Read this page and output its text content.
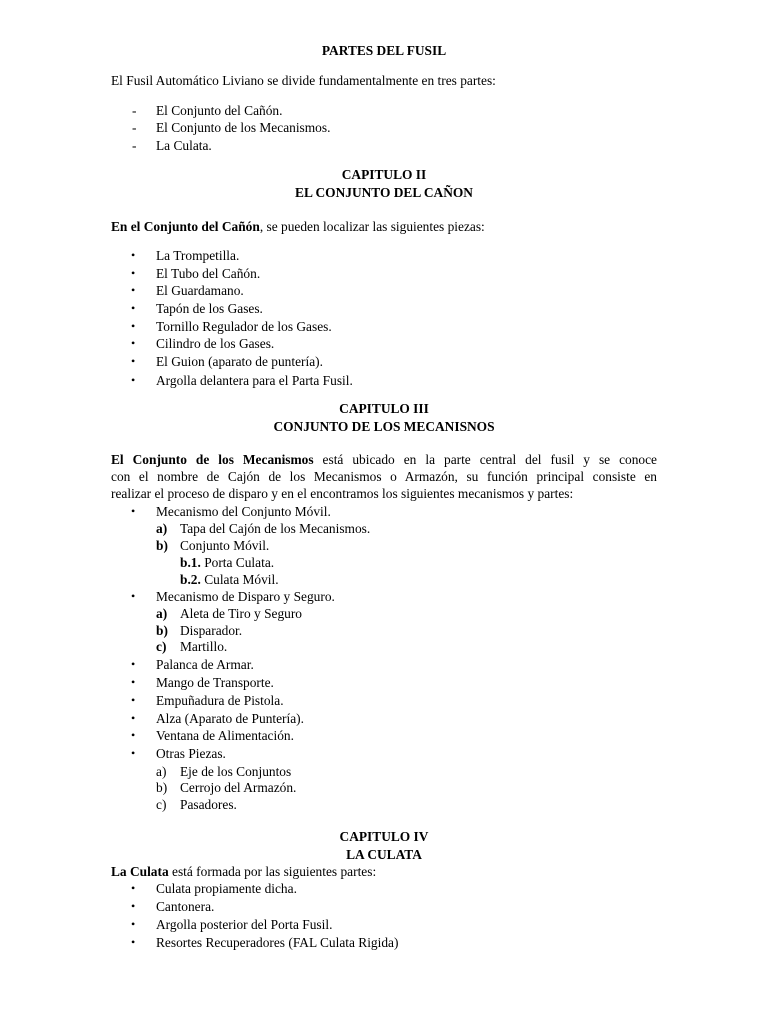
PARTES DEL FUSIL
El Fusil Automático Liviano se divide fundamentalmente en tres partes:
- El Conjunto del Cañón.
- El Conjunto de los Mecanismos.
- La Culata.
CAPITULO II
EL CONJUNTO DEL CAÑON
En el Conjunto del Cañón, se pueden localizar las siguientes piezas:
• La Trompetilla.
• El Tubo del Cañón.
• El Guardamano.
• Tapón de los Gases.
• Tornillo Regulador de los Gases.
• Cilindro de los Gases.
• El Guion (aparato de puntería).
• Argolla delantera para el Parta Fusil.
CAPITULO III
CONJUNTO DE LOS MECANISNOS
El Conjunto de los Mecanismos está ubicado en la parte central del fusil y se conoce
con el nombre de Cajón de los Mecanismos o Armazón, su función principal consiste en
realizar el proceso de disparo y en el encontramos los siguientes mecanismos y partes:
• Mecanismo del Conjunto Móvil.
a) Tapa del Cajón de los Mecanismos.
b) Conjunto Móvil.
b.1. Porta Culata.
b.2. Culata Móvil.
• Mecanismo de Disparo y Seguro.
a) Aleta de Tiro y Seguro
b) Disparador.
c) Martillo.
• Palanca de Armar.
• Mango de Transporte.
• Empuñadura de Pistola.
• Alza (Aparato de Puntería).
• Ventana de Alimentación.
• Otras Piezas.
a) Eje de los Conjuntos
b) Cerrojo del Armazón.
c) Pasadores.
CAPITULO IV
LA CULATA
La Culata está formada por las siguientes partes:
• Culata propiamente dicha.
• Cantonera.
• Argolla posterior del Porta Fusil.
• Resortes Recuperadores (FAL Culata Rigida)
